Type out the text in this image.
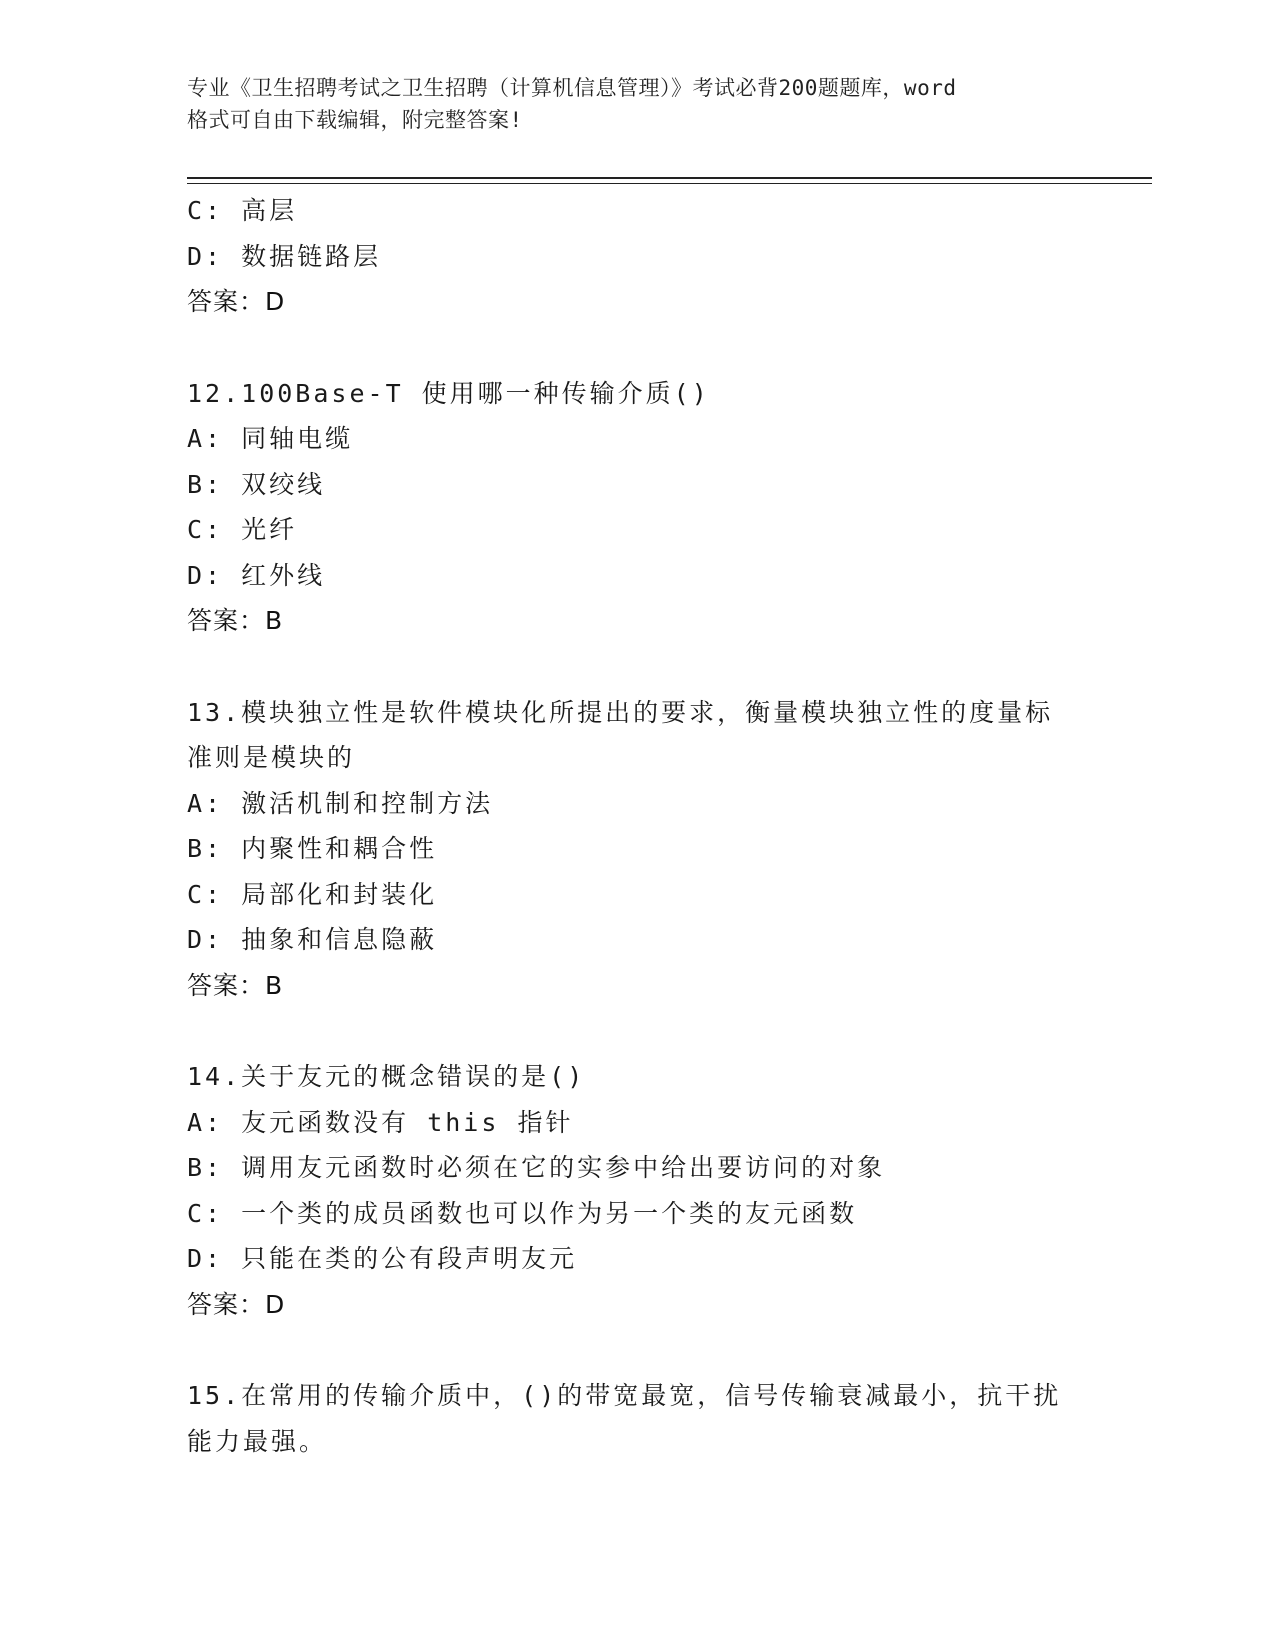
专业《卫生招聘考试之卫生招聘（计算机信息管理）》考试必背200题题库，word
格式可自由下载编辑，附完整答案!
C: 高层
D: 数据链路层
答案：D
12.100Base-T 使用哪一种传输介质()
A: 同轴电缆
B: 双绞线
C: 光纤
D: 红外线
答案：B
13.模块独立性是软件模块化所提出的要求，衡量模块独立性的度量标
准则是模块的
A: 激活机制和控制方法
B: 内聚性和耦合性
C: 局部化和封装化
D: 抽象和信息隐蔽
答案：B
14.关于友元的概念错误的是()
A: 友元函数没有 this 指针
B: 调用友元函数时必须在它的实参中给出要访问的对象
C: 一个类的成员函数也可以作为另一个类的友元函数
D: 只能在类的公有段声明友元
答案：D
15.在常用的传输介质中，()的带宽最宽，信号传输衰减最小，抗干扰
能力最强。
